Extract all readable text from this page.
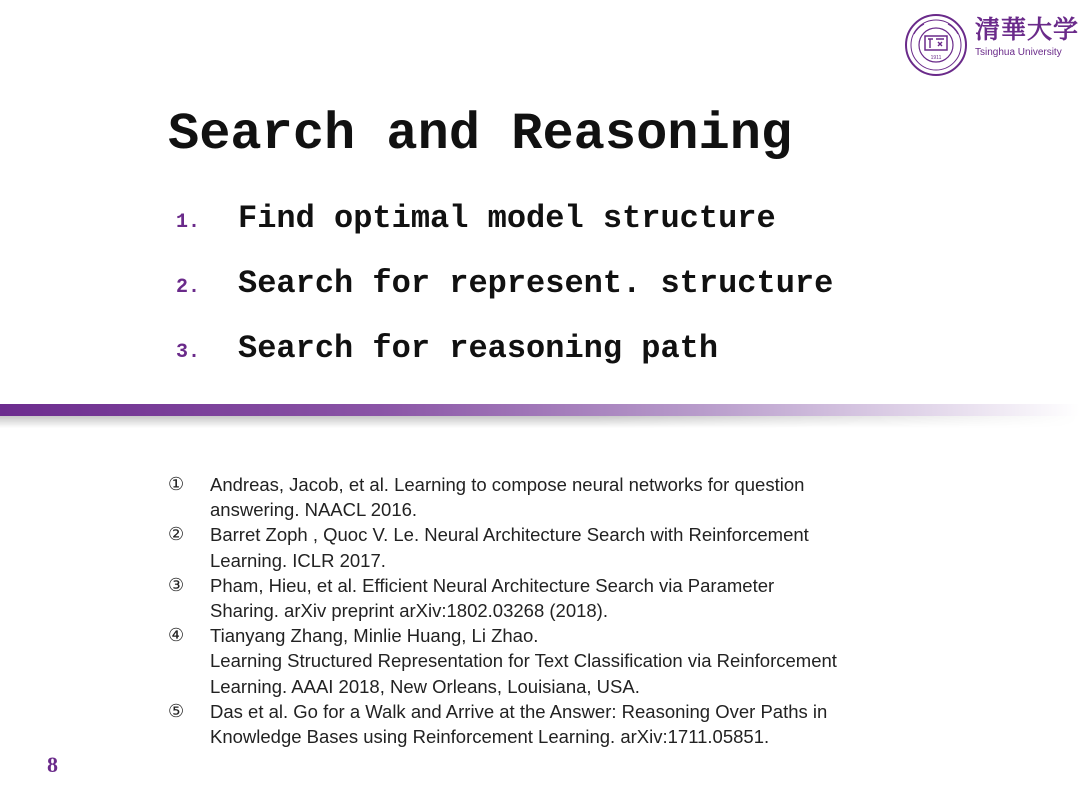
1911
清華大学
Tsinghua University
Search and Reasoning
1.	Find optimal model structure
2.	Search for represent. structure
3.	Search for reasoning path
①	Andreas, Jacob, et al. Learning to compose neural networks for question
answering. NAACL 2016.
②	Barret Zoph , Quoc V. Le. Neural Architecture Search with Reinforcement
Learning. ICLR 2017.
③	Pham, Hieu, et al. Efficient Neural Architecture Search via Parameter
Sharing. arXiv preprint arXiv:1802.03268 (2018).
④	Tianyang Zhang, Minlie Huang, Li Zhao.
Learning Structured Representation for Text Classification via Reinforcement
Learning. AAAI 2018, New Orleans, Louisiana, USA.
⑤	Das et al. Go for a Walk and Arrive at the Answer: Reasoning Over Paths in
Knowledge Bases using Reinforcement Learning. arXiv:1711.05851.
8
